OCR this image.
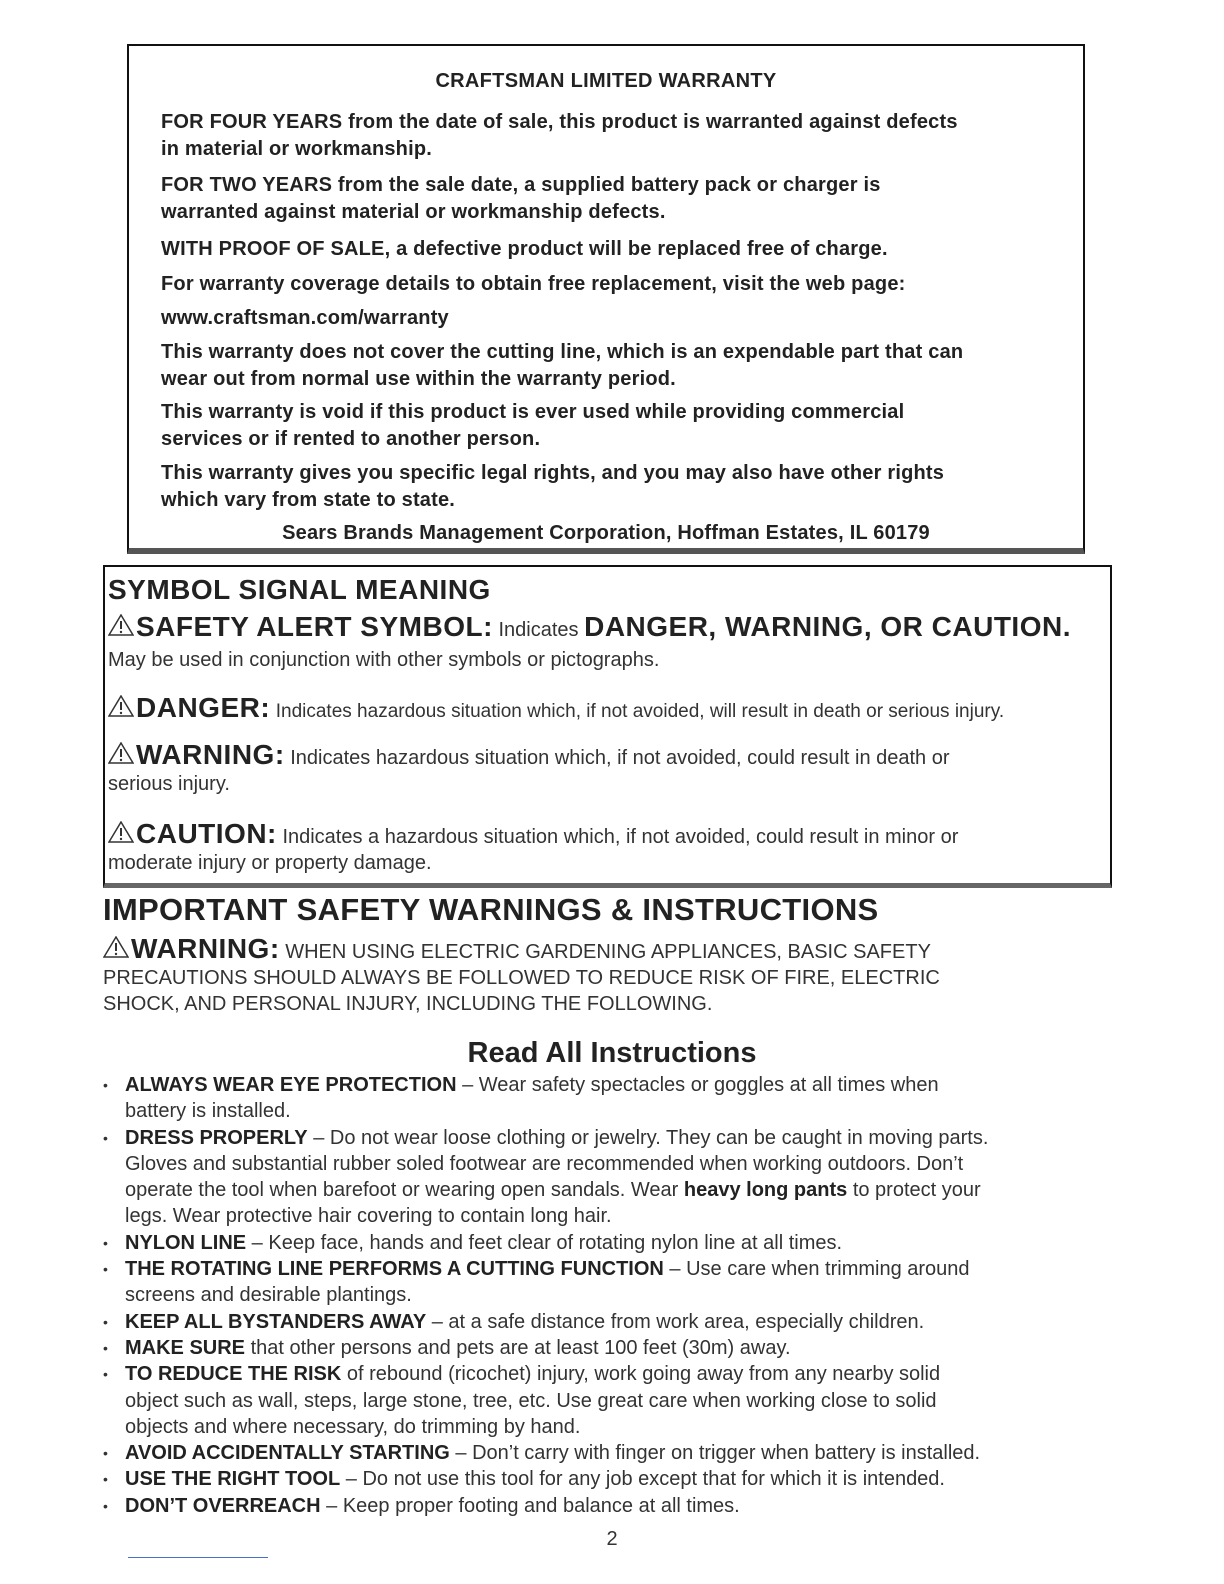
CRAFTSMAN LIMITED WARRANTY
FOR FOUR YEARS from the date of sale, this product is warranted against defects
in material or workmanship.
FOR TWO YEARS from the sale date, a supplied battery pack or charger is
warranted against material or workmanship defects.
WITH PROOF OF SALE, a defective product will be replaced free of charge.
For warranty coverage details to obtain free replacement, visit the web page:
www.craftsman.com/warranty
This warranty does not cover the cutting line, which is an expendable part that can
wear out from normal use within the warranty period.
This warranty is void if this product is ever used while providing commercial
services or if rented to another person.
This warranty gives you specific legal rights, and you may also have other rights
which vary from state to state.
Sears Brands Management Corporation, Hoffman Estates, IL 60179
SYMBOL SIGNAL MEANING
SAFETY ALERT SYMBOL: Indicates DANGER, WARNING, OR CAUTION.
May be used in conjunction with other symbols or pictographs.
DANGER: Indicates hazardous situation which, if not avoided, will result in death or serious injury.
WARNING: Indicates hazardous situation which, if not avoided, could result in death or
serious injury.
CAUTION: Indicates a hazardous situation which, if not avoided, could result in minor or
moderate injury or property damage.
IMPORTANT SAFETY WARNINGS & INSTRUCTIONS
WARNING: WHEN USING ELECTRIC GARDENING APPLIANCES, BASIC SAFETY
PRECAUTIONS SHOULD ALWAYS BE FOLLOWED TO REDUCE RISK OF FIRE, ELECTRIC
SHOCK, AND PERSONAL INJURY, INCLUDING THE FOLLOWING.
Read All Instructions
• ALWAYS WEAR EYE PROTECTION – Wear safety spectacles or goggles at all times when
battery is installed.
• DRESS PROPERLY – Do not wear loose clothing or jewelry. They can be caught in moving parts.
Gloves and substantial rubber soled footwear are recommended when working outdoors. Don’t
operate the tool when barefoot or wearing open sandals. Wear heavy long pants to protect your
legs. Wear protective hair covering to contain long hair.
• NYLON LINE – Keep face, hands and feet clear of rotating nylon line at all times.
• THE ROTATING LINE PERFORMS A CUTTING FUNCTION – Use care when trimming around
screens and desirable plantings.
• KEEP ALL BYSTANDERS AWAY – at a safe distance from work area, especially children.
• MAKE SURE that other persons and pets are at least 100 feet (30m) away.
• TO REDUCE THE RISK of rebound (ricochet) injury, work going away from any nearby solid
object such as wall, steps, large stone, tree, etc. Use great care when working close to solid
objects and where necessary, do trimming by hand.
• AVOID ACCIDENTALLY STARTING – Don’t carry with finger on trigger when battery is installed.
• USE THE RIGHT TOOL – Do not use this tool for any job except that for which it is intended.
• DON’T OVERREACH – Keep proper footing and balance at all times.
2
